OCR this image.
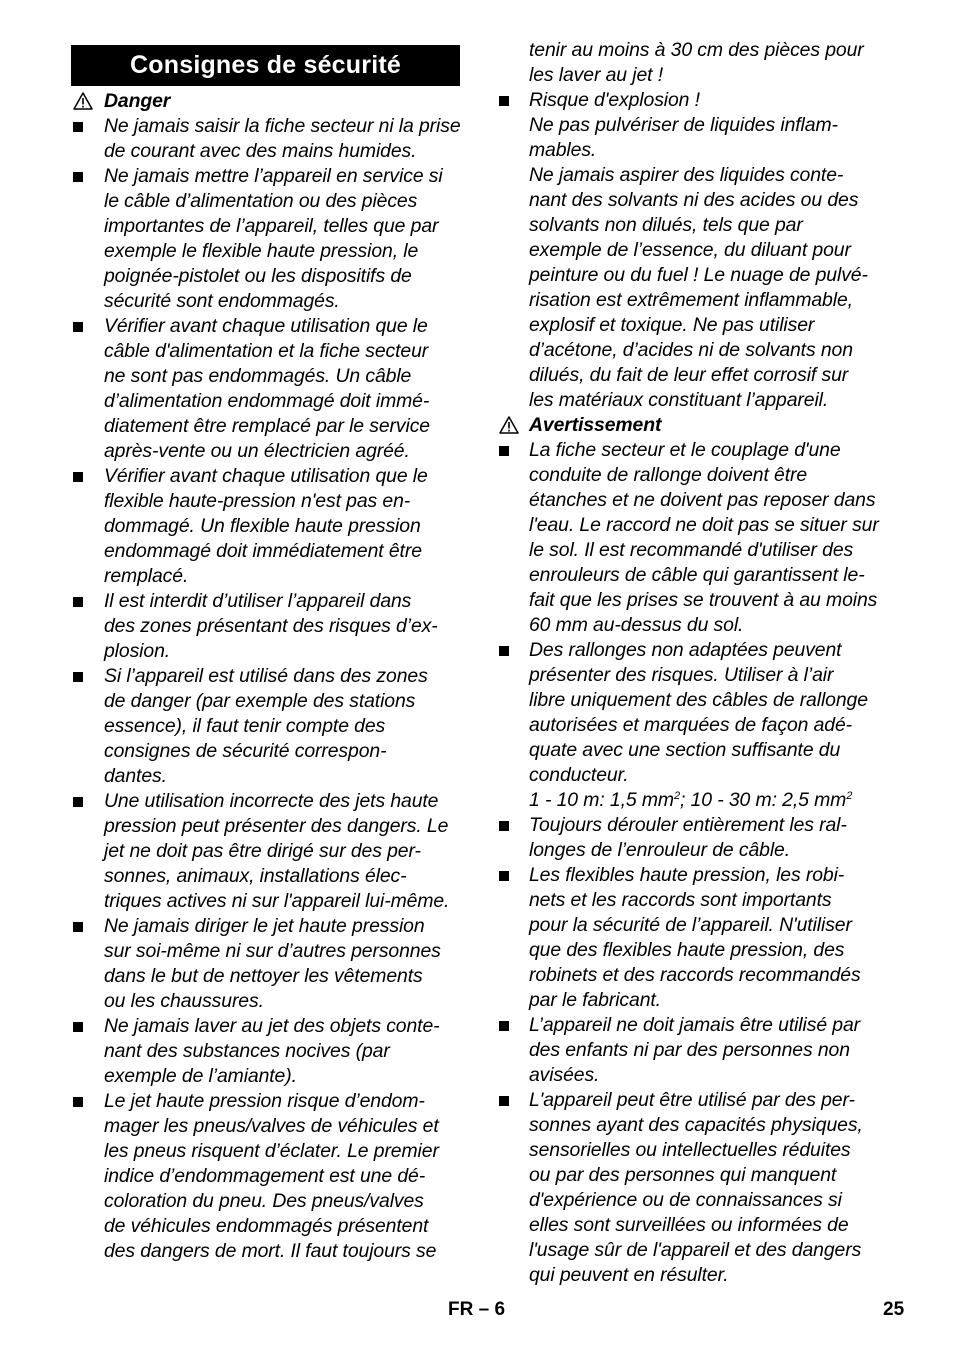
Consignes de sécurité
Danger
Ne jamais saisir la fiche secteur ni la prise
de courant avec des mains humides.
Ne jamais mettre l’appareil en service si
le câble d’alimentation ou des pièces
importantes de l’appareil, telles que par
exemple le flexible haute pression, le
poignée-pistolet ou les dispositifs de
sécurité sont endommagés.
Vérifier avant chaque utilisation que le
câble d'alimentation et la fiche secteur
ne sont pas endommagés. Un câble
d’alimentation endommagé doit immé-
diatement être remplacé par le service
après-vente ou un électricien agréé.
Vérifier avant chaque utilisation que le
flexible haute-pression n'est pas en-
dommagé. Un flexible haute pression
endommagé doit immédiatement être
remplacé.
Il est interdit d’utiliser l’appareil dans
des zones présentant des risques d’ex-
plosion.
Si l’appareil est utilisé dans des zones
de danger (par exemple des stations
essence), il faut tenir compte des
consignes de sécurité correspon-
dantes.
Une utilisation incorrecte des jets haute
pression peut présenter des dangers. Le
jet ne doit pas être dirigé sur des per-
sonnes, animaux, installations élec-
triques actives ni sur l'appareil lui-même.
Ne jamais diriger le jet haute pression
sur soi-même ni sur d’autres personnes
dans le but de nettoyer les vêtements
ou les chaussures.
Ne jamais laver au jet des objets conte-
nant des substances nocives (par
exemple de l’amiante).
Le jet haute pression risque d’endom-
mager les pneus/valves de véhicules et
les pneus risquent d’éclater. Le premier
indice d’endommagement est une dé-
coloration du pneu. Des pneus/valves
de véhicules endommagés présentent
des dangers de mort. Il faut toujours se
tenir au moins à 30 cm des pièces pour
les laver au jet !
Risque d'explosion !
Ne pas pulvériser de liquides inflam-
mables.
Ne jamais aspirer des liquides conte-
nant des solvants ni des acides ou des
solvants non dilués, tels que par
exemple de l’essence, du diluant pour
peinture ou du fuel ! Le nuage de pulvé-
risation est extrêmement inflammable,
explosif et toxique. Ne pas utiliser
d’acétone, d’acides ni de solvants non
dilués, du fait de leur effet corrosif sur
les matériaux constituant l’appareil.
Avertissement
La fiche secteur et le couplage d'une
conduite de rallonge doivent être
étanches et ne doivent pas reposer dans
l'eau. Le raccord ne doit pas se situer sur
le sol. Il est recommandé d'utiliser des
enrouleurs de câble qui garantissent le-
fait que les prises se trouvent à au moins
60 mm au-dessus du sol.
Des rallonges non adaptées peuvent
présenter des risques. Utiliser à l’air
libre uniquement des câbles de rallonge
autorisées et marquées de façon adé-
quate avec une section suffisante du
conducteur.
1 - 10 m: 1,5 $mm^2$; 10 - 30 m: 2,5 $mm^2$
Toujours dérouler entièrement les ral-
longes de l’enrouleur de câble.
Les flexibles haute pression, les robi-
nets et les raccords sont importants
pour la sécurité de l’appareil. N'utiliser
que des flexibles haute pression, des
robinets et des raccords recommandés
par le fabricant.
L’appareil ne doit jamais être utilisé par
des enfants ni par des personnes non
avisées.
L'appareil peut être utilisé par des per-
sonnes ayant des capacités physiques,
sensorielles ou intellectuelles réduites
ou par des personnes qui manquent
d'expérience ou de connaissances si
elles sont surveillées ou informées de
l'usage sûr de l'appareil et des dangers
qui peuvent en résulter.
FR – 6	25
